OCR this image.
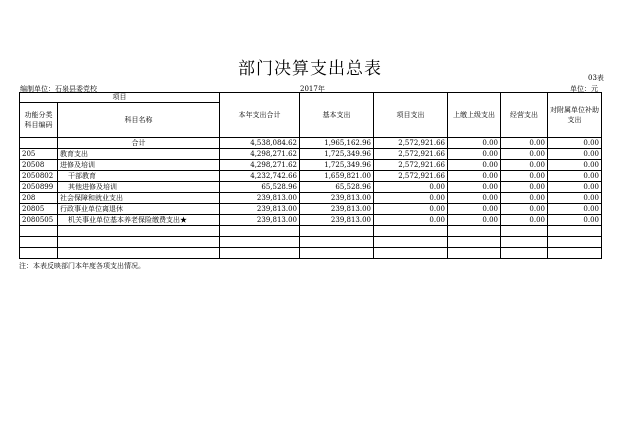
部门决算支出总表	03表
编制单位：石泉县委党校	2017年	单位：元
项目		本年支出合计	基本支出	项目支出	上缴上级支出	经营支出	对附属单位补助支出
功能分类科目编码	科目名称						
	合计	4,538,084.62	1,965,162.96	2,572,921.66	0.00	0.00	0.00
205	教育支出	4,298,271.62	1,725,349.96	2,572,921.66	0.00	0.00	0.00
20508	进修及培训	4,298,271.62	1,725,349.96	2,572,921.66	0.00	0.00	0.00
2050802	干部教育	4,232,742.66	1,659,821.00	2,572,921.66	0.00	0.00	0.00
2050899	其他进修及培训	65,528.96	65,528.96	0.00	0.00	0.00	0.00
208	社会保障和就业支出	239,813.00	239,813.00	0.00	0.00	0.00	0.00
20805	行政事业单位离退休	239,813.00	239,813.00	0.00	0.00	0.00	0.00
2080505	机关事业单位基本养老保险缴费支出★	239,813.00	239,813.00	0.00	0.00	0.00	0.00

注：本表反映部门本年度各项支出情况。
